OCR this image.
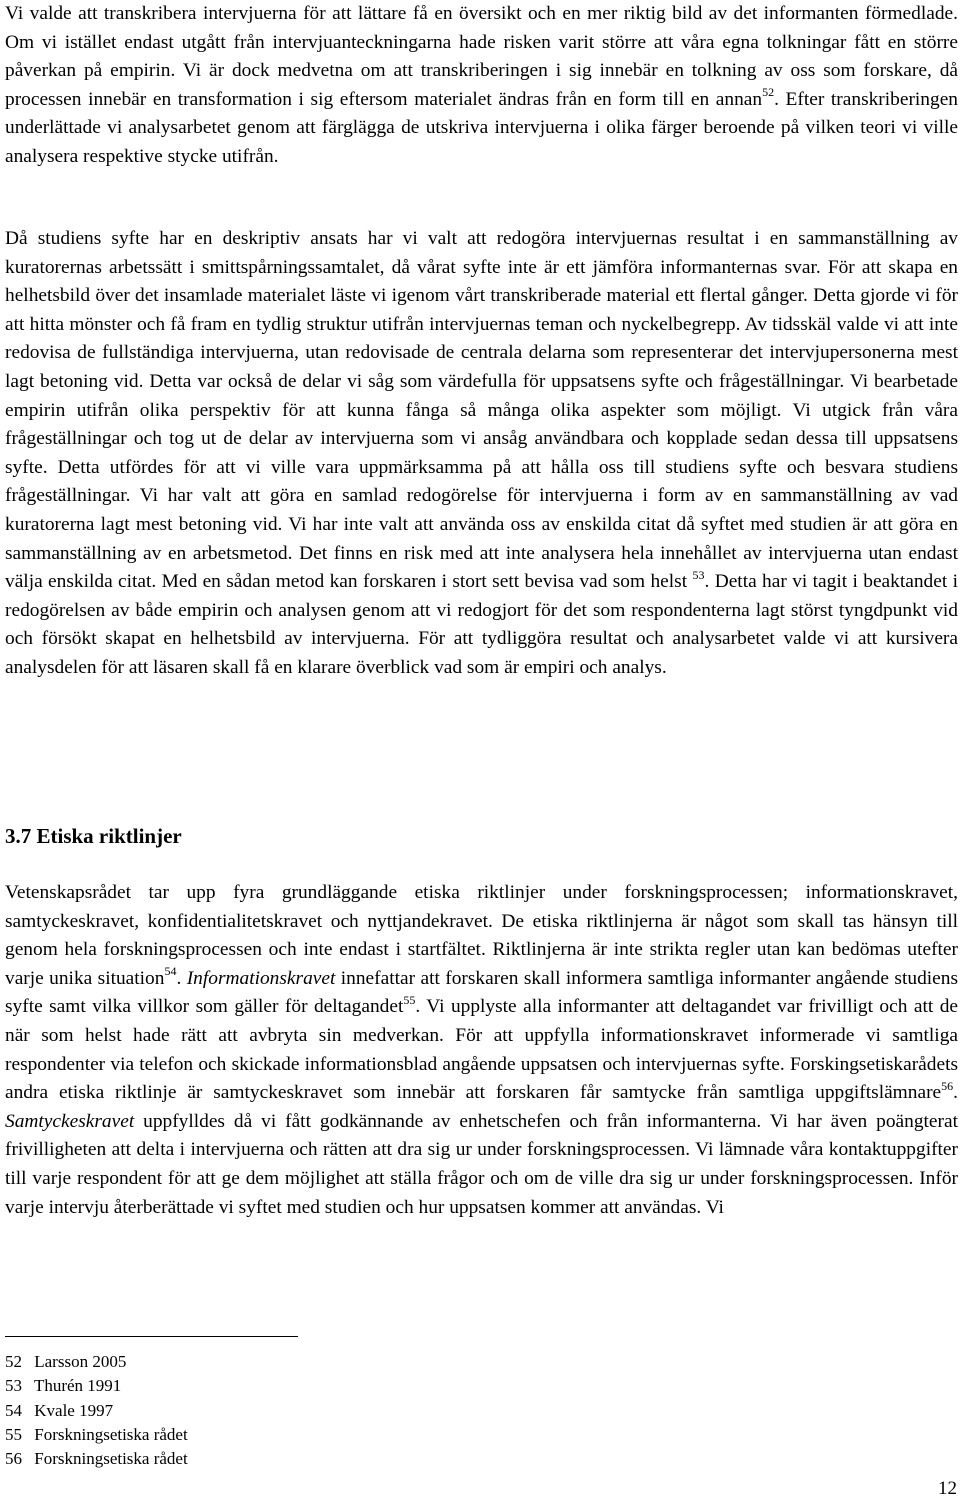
Vi valde att transkribera intervjuerna för att lättare få en översikt och en mer riktig bild av det informanten förmedlade. Om vi istället endast utgått från intervjuanteckningarna hade risken varit större att våra egna tolkningar fått en större påverkan på empirin. Vi är dock medvetna om att transkriberingen i sig innebär en tolkning av oss som forskare, då processen innebär en transformation i sig eftersom materialet ändras från en form till en annan$^{52}$. Efter transkriberingen underlättade vi analysarbetet genom att färglägga de utskriva intervjuerna i olika färger beroende på vilken teori vi ville analysera respektive stycke utifrån.

Då studiens syfte har en deskriptiv ansats har vi valt att redogöra intervjuernas resultat i en sammanställning av kuratorernas arbetssätt i smittspårningssamtalet, då vårat syfte inte är ett jämföra informanternas svar. För att skapa en helhetsbild över det insamlade materialet läste vi igenom vårt transkriberade material ett flertal gånger. Detta gjorde vi för att hitta mönster och få fram en tydlig struktur utifrån intervjuernas teman och nyckelbegrepp. Av tidsskäl valde vi att inte redovisa de fullständiga intervjuerna, utan redovisade de centrala delarna som representerar det intervjupersonerna mest lagt betoning vid. Detta var också de delar vi såg som värdefulla för uppsatsens syfte och frågeställningar. Vi bearbetade empirin utifrån olika perspektiv för att kunna fånga så många olika aspekter som möjligt. Vi utgick från våra frågeställningar och tog ut de delar av intervjuerna som vi ansåg användbara och kopplade sedan dessa till uppsatsens syfte. Detta utfördes för att vi ville vara uppmärksamma på att hålla oss till studiens syfte och besvara studiens frågeställningar. Vi har valt att göra en samlad redogörelse för intervjuerna i form av en sammanställning av vad kuratorerna lagt mest betoning vid. Vi har inte valt att använda oss av enskilda citat då syftet med studien är att göra en sammanställning av en arbetsmetod. Det finns en risk med att inte analysera hela innehållet av intervjuerna utan endast välja enskilda citat. Med en sådan metod kan forskaren i stort sett bevisa vad som helst $^{53}$. Detta har vi tagit i beaktandet i redogörelsen av både empirin och analysen genom att vi redogjort för det som respondenterna lagt störst tyngdpunkt vid och försökt skapat en helhetsbild av intervjuerna. För att tydliggöra resultat och analysarbetet valde vi att kursivera analysdelen för att läsaren skall få en klarare överblick vad som är empiri och analys.

3.7 Etiska riktlinjer

Vetenskapsrådet tar upp fyra grundläggande etiska riktlinjer under forskningsprocessen; informationskravet, samtyckeskravet, konfidentialitetskravet och nyttjandekravet. De etiska riktlinjerna är något som skall tas hänsyn till genom hela forskningsprocessen och inte endast i startfältet. Riktlinjerna är inte strikta regler utan kan bedömas utefter varje unika situation$^{54}$. Informationskravet innefattar att forskaren skall informera samtliga informanter angående studiens syfte samt vilka villkor som gäller för deltagandet$^{55}$. Vi upplyste alla informanter att deltagandet var frivilligt och att de när som helst hade rätt att avbryta sin medverkan. För att uppfylla informationskravet informerade vi samtliga respondenter via telefon och skickade informationsblad angående uppsatsen och intervjuernas syfte. Forskingsetiskarådets andra etiska riktlinje är samtyckeskravet som innebär att forskaren får samtycke från samtliga uppgiftslämnare$^{56}$. Samtyckeskravet uppfylldes då vi fått godkännande av enhetschefen och från informanterna. Vi har även poängterat frivilligheten att delta i intervjuerna och rätten att dra sig ur under forskningsprocessen. Vi lämnade våra kontaktuppgifter till varje respondent för att ge dem möjlighet att ställa frågor och om de ville dra sig ur under forskningsprocessen. Inför varje intervju återberättade vi syftet med studien och hur uppsatsen kommer att användas. Vi

52 Larsson 2005
53 Thurén 1991
54 Kvale 1997
55 Forskningsetiska rådet
56 Forskningsetiska rådet
12
